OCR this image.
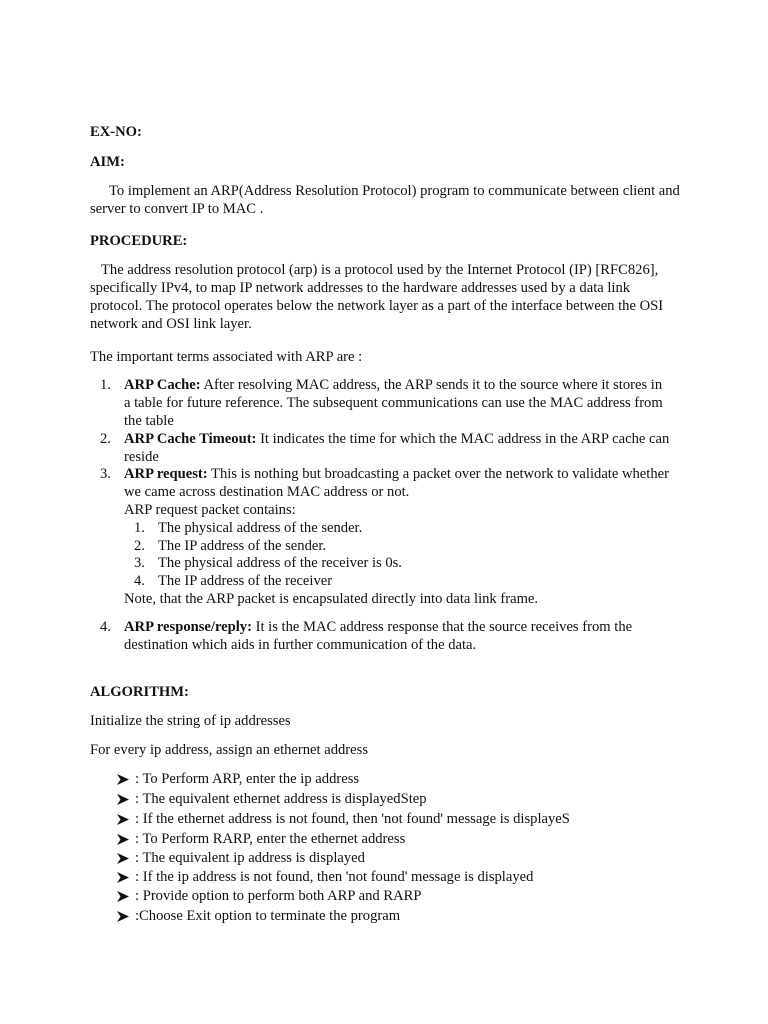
EX-NO:
AIM:
To implement an ARP(Address Resolution Protocol) program to communicate between client and server to convert IP to MAC .
PROCEDURE:
The address resolution protocol (arp) is a protocol used by the Internet Protocol (IP) [RFC826], specifically IPv4, to map IP network addresses to the hardware addresses used by a data link protocol. The protocol operates below the network layer as a part of the interface between the OSI network and OSI link layer.
The important terms associated with ARP are :
1. ARP Cache: After resolving MAC address, the ARP sends it to the source where it stores in a table for future reference. The subsequent communications can use the MAC address from the table
2. ARP Cache Timeout: It indicates the time for which the MAC address in the ARP cache can reside
3. ARP request: This is nothing but broadcasting a packet over the network to validate whether we came across destination MAC address or not.
ARP request packet contains:
1. The physical address of the sender.
2. The IP address of the sender.
3. The physical address of the receiver is 0s.
4. The IP address of the receiver
Note, that the ARP packet is encapsulated directly into data link frame.
4. ARP response/reply: It is the MAC address response that the source receives from the destination which aids in further communication of the data.
ALGORITHM:
Initialize the string of ip addresses
For every ip address, assign an ethernet address
: To Perform ARP, enter the ip address
: The equivalent ethernet address is displayedStep
: If the ethernet address is not found, then 'not found' message is displayeS
: To Perform RARP, enter the ethernet address
: The equivalent ip address is displayed
: If the ip address is not found, then 'not found' message is displayed
: Provide option to perform both ARP and RARP
:Choose Exit option to terminate the program
